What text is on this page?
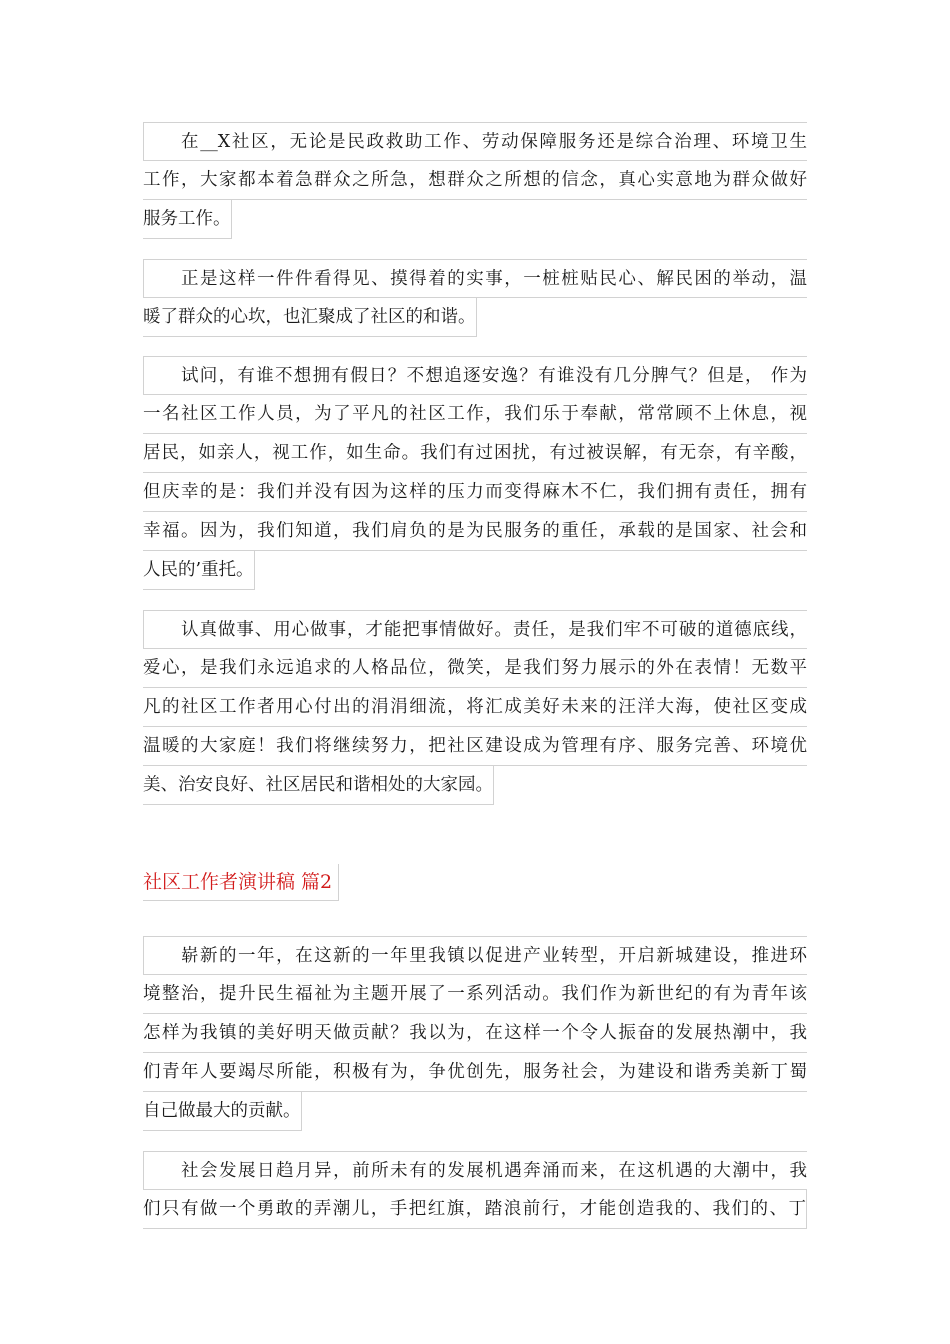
在__X社区，无论是民政救助工作、劳动保障服务还是综合治理、环境卫生
工作，大家都本着急群众之所急，想群众之所想的信念，真心实意地为群众做好
服务工作。
正是这样一件件看得见、摸得着的实事，一桩桩贴民心、解民困的举动，温
暖了群众的心坎，也汇聚成了社区的和谐。
试问，有谁不想拥有假日？不想追逐安逸？有谁没有几分脾气？但是， 作为
一名社区工作人员，为了平凡的社区工作，我们乐于奉献，常常顾不上休息，视
居民，如亲人，视工作，如生命。我们有过困扰，有过被误解，有无奈，有辛酸，
但庆幸的是：我们并没有因为这样的压力而变得麻木不仁，我们拥有责任，拥有
幸福。因为，我们知道，我们肩负的是为民服务的重任，承载的是国家、社会和
人民的’重托。
认真做事、用心做事，才能把事情做好。责任，是我们牢不可破的道德底线，
爱心，是我们永远追求的人格品位，微笑，是我们努力展示的外在表情！无数平
凡的社区工作者用心付出的涓涓细流，将汇成美好未来的汪洋大海，使社区变成
温暖的大家庭！我们将继续努力，把社区建设成为管理有序、服务完善、环境优
美、治安良好、社区居民和谐相处的大家园。
社区工作者演讲稿 篇2
崭新的一年，在这新的一年里我镇以促进产业转型，开启新城建设，推进环
境整治，提升民生福祉为主题开展了一系列活动。我们作为新世纪的有为青年该
怎样为我镇的美好明天做贡献？我以为，在这样一个令人振奋的发展热潮中，我
们青年人要竭尽所能，积极有为，争优创先，服务社会，为建设和谐秀美新丁蜀
自己做最大的贡献。
社会发展日趋月异，前所未有的发展机遇奔涌而来，在这机遇的大潮中，我
们只有做一个勇敢的弄潮儿，手把红旗，踏浪前行，才能创造我的、我们的、丁
